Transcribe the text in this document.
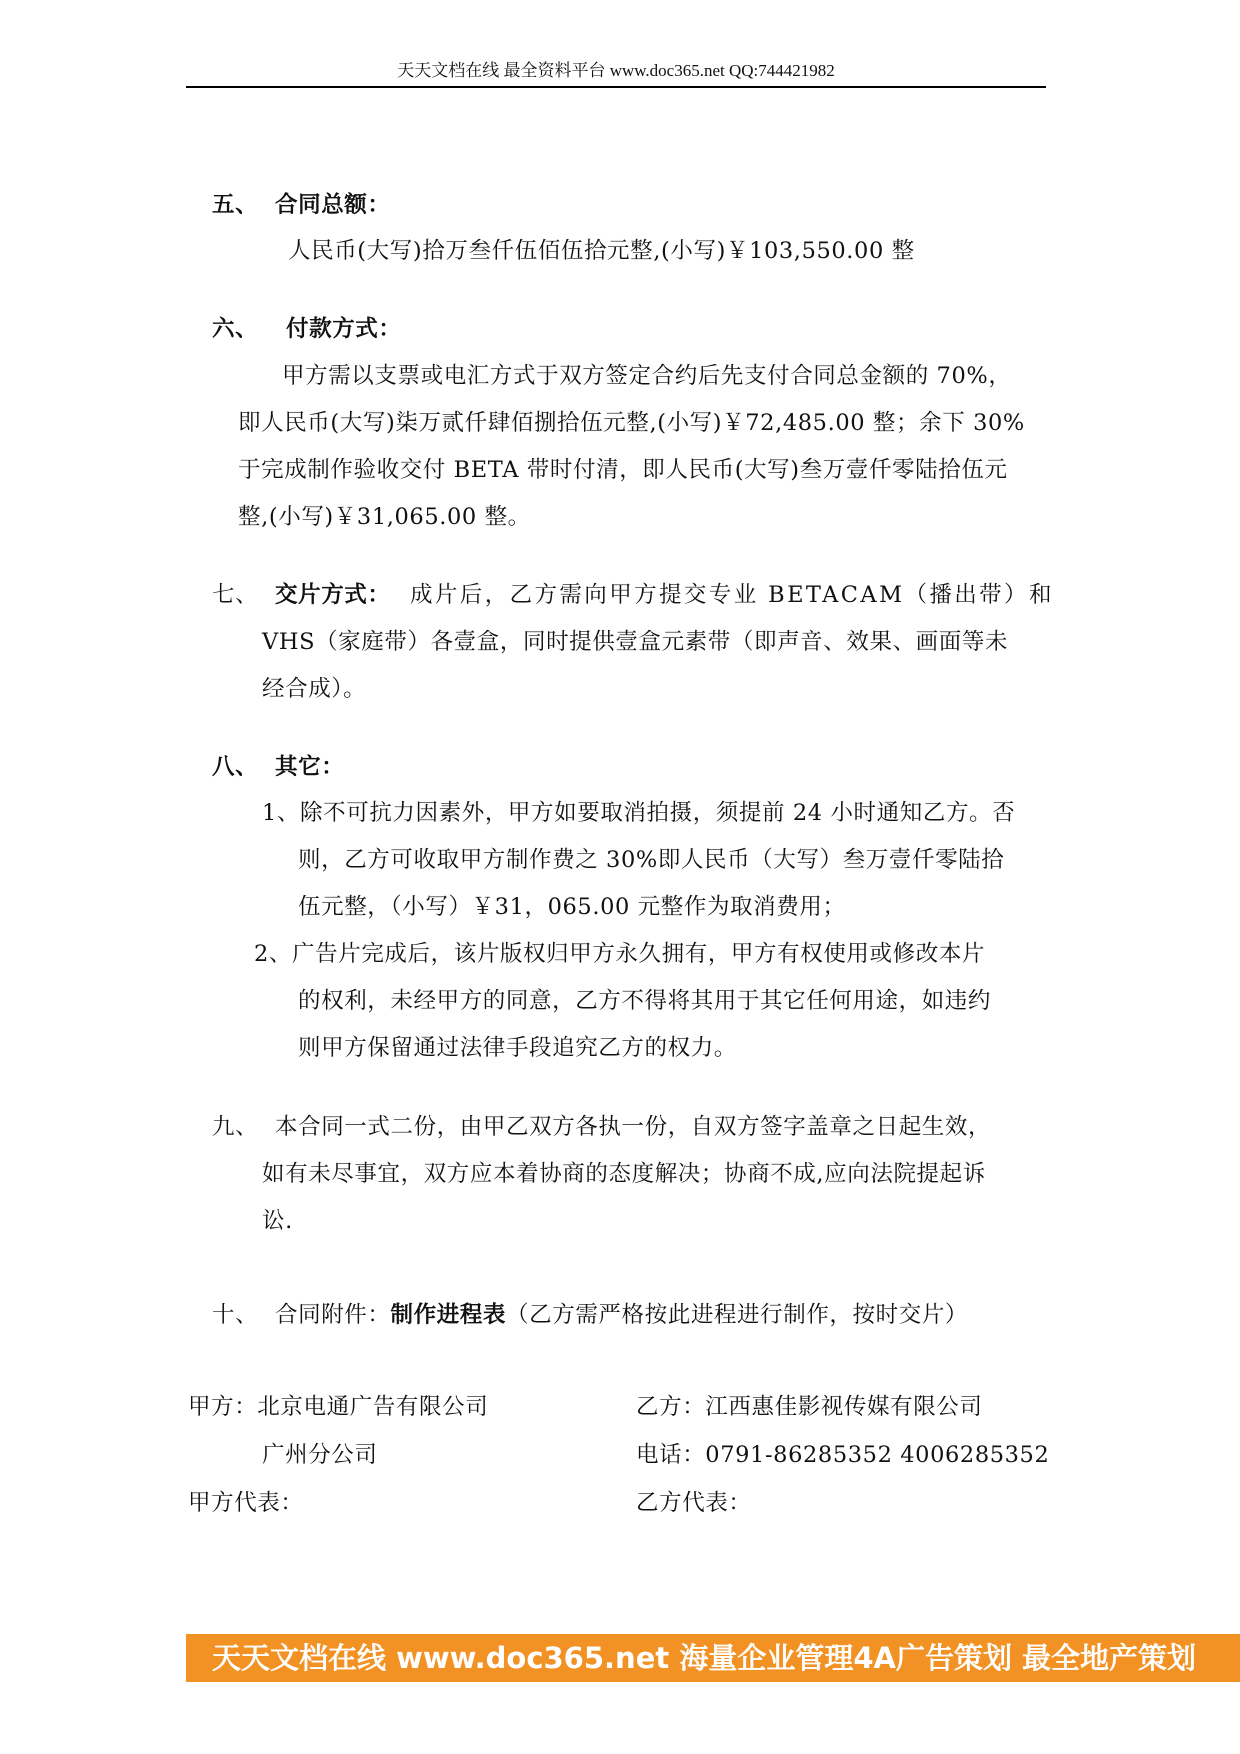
天天文档在线 最全资料平台 www.doc365.net QQ:744421982
五、 合同总额：
人民币(大写)拾万叁仟伍佰伍拾元整,(小写)￥103,550.00 整
六、 付款方式：
甲方需以支票或电汇方式于双方签定合约后先支付合同总金额的 70%，
即人民币(大写)柒万贰仟肆佰捌拾伍元整,(小写)￥72,485.00 整；余下 30%
于完成制作验收交付 BETA 带时付清，即人民币(大写)叁万壹仟零陆拾伍元
整,(小写)￥31,065.00 整。
七、 交片方式： 成片后，乙方需向甲方提交专业 BETACAM（播出带）和
VHS（家庭带）各壹盒，同时提供壹盒元素带（即声音、效果、画面等未
经合成）。
八、 其它：
1、除不可抗力因素外，甲方如要取消拍摄，须提前 24 小时通知乙方。否
则，乙方可收取甲方制作费之 30%即人民币（大写）叁万壹仟零陆拾
伍元整，（小写）￥31，065.00 元整作为取消费用；
2、广告片完成后，该片版权归甲方永久拥有，甲方有权使用或修改本片
的权利，未经甲方的同意，乙方不得将其用于其它任何用途，如违约
则甲方保留通过法律手段追究乙方的权力。
九、 本合同一式二份，由甲乙双方各执一份，自双方签字盖章之日起生效，
如有未尽事宜，双方应本着协商的态度解决；协商不成,应向法院提起诉
讼.
十、 合同附件：制作进程表（乙方需严格按此进程进行制作，按时交片）
甲方：北京电通广告有限公司
广州分公司
甲方代表：
乙方：江西惠佳影视传媒有限公司
电话：0791-86285352 4006285352
乙方代表：
天天文档在线 www.doc365.net 海量企业管理4A广告策划 最全地产策划
